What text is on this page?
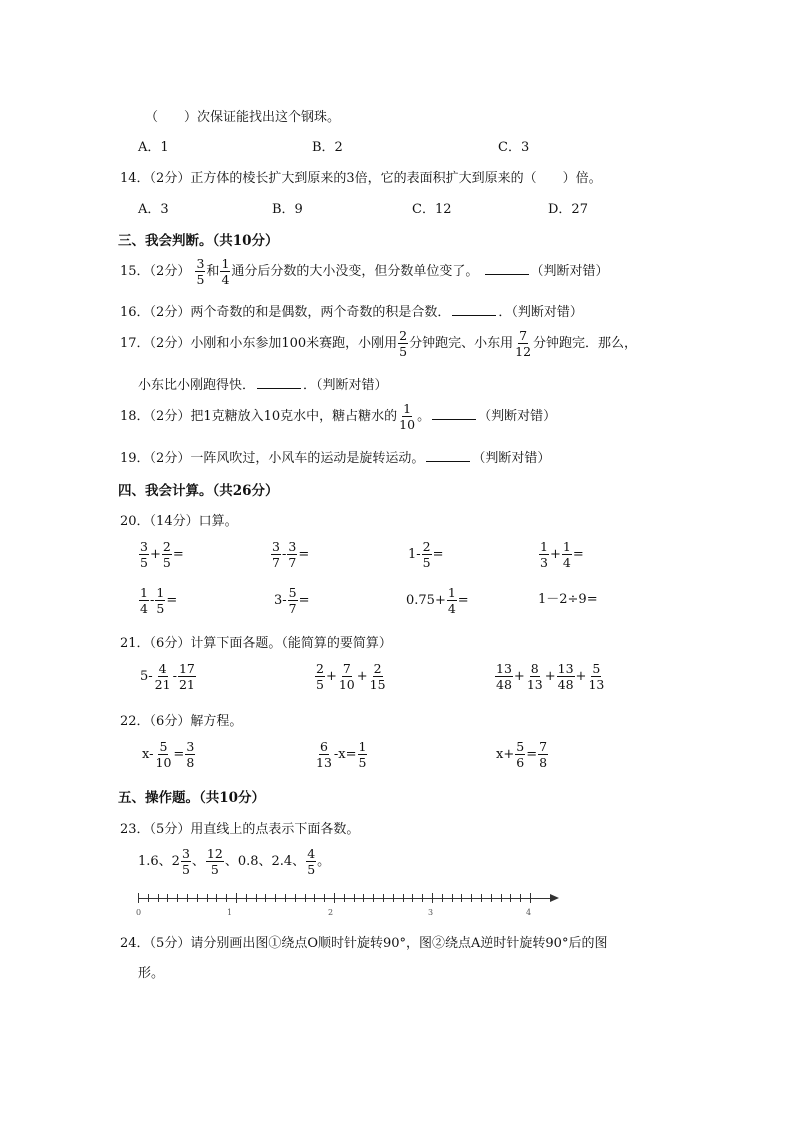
（　　）次保证能找出这个钢珠。
A．1	B．2	C．3
14．（2分）正方体的棱长扩大到原来的3倍，它的表面积扩大到原来的（　　）倍。
A．3	B．9	C．12	D．27
三、我会判断。（共10分）
15．（2分） $\frac{3}{5}$ 和 $\frac{1}{4}$ 通分后分数的大小没变，但分数单位变了。	（判断对错）
16．（2分）两个奇数的和是偶数，两个奇数的积是合数．	．（判断对错）
17．（2分）小刚和小东参加100米赛跑，小刚用 $\frac{2}{5}$ 分钟跑完、小东用 $\frac{7}{12}$ 分钟跑完．那么，
小东比小刚跑得快．	．（判断对错）
18．（2分）把1克糖放入10克水中，糖占糖水的 $\frac{1}{10}$ 。	（判断对错）
19．（2分）一阵风吹过，小风车的运动是旋转运动。	（判断对错）
四、我会计算。（共26分）
20．（14分）口算。
$\frac{3}{5} + \frac{2}{5}$ =	$\frac{3}{7} - \frac{3}{7}$ =	$1- \frac{2}{5}$ =	$\frac{1}{3} + \frac{1}{4}$ =
$\frac{1}{4} - \frac{1}{5}$ =	$3- \frac{5}{7}$ =	$0.75+ \frac{1}{4}$ =	1－2÷9=
21．（6分）计算下面各题。（能简算的要简算）
$5- \frac{4}{21} - \frac{17}{21}$	$\frac{2}{5} + \frac{7}{10} + \frac{2}{15}$	$\frac{13}{48} + \frac{8}{13} + \frac{13}{48} + \frac{5}{13}$
22．（6分）解方程。
$x- \frac{5}{10} = \frac{3}{8}$	$\frac{6}{13} -x= \frac{1}{5}$	$x+ \frac{5}{6} = \frac{7}{8}$
五、操作题。（共10分）
23．（5分）用直线上的点表示下面各数。
1.6、$2 \frac{3}{5}$ 、 $\frac{12}{5}$ 、0.8、2.4、 $\frac{4}{5}$ 。
0	1	2	3	4
24．（5分）请分别画出图①绕点O顺时针旋转90°，图②绕点A逆时针旋转90°后的图
形。
